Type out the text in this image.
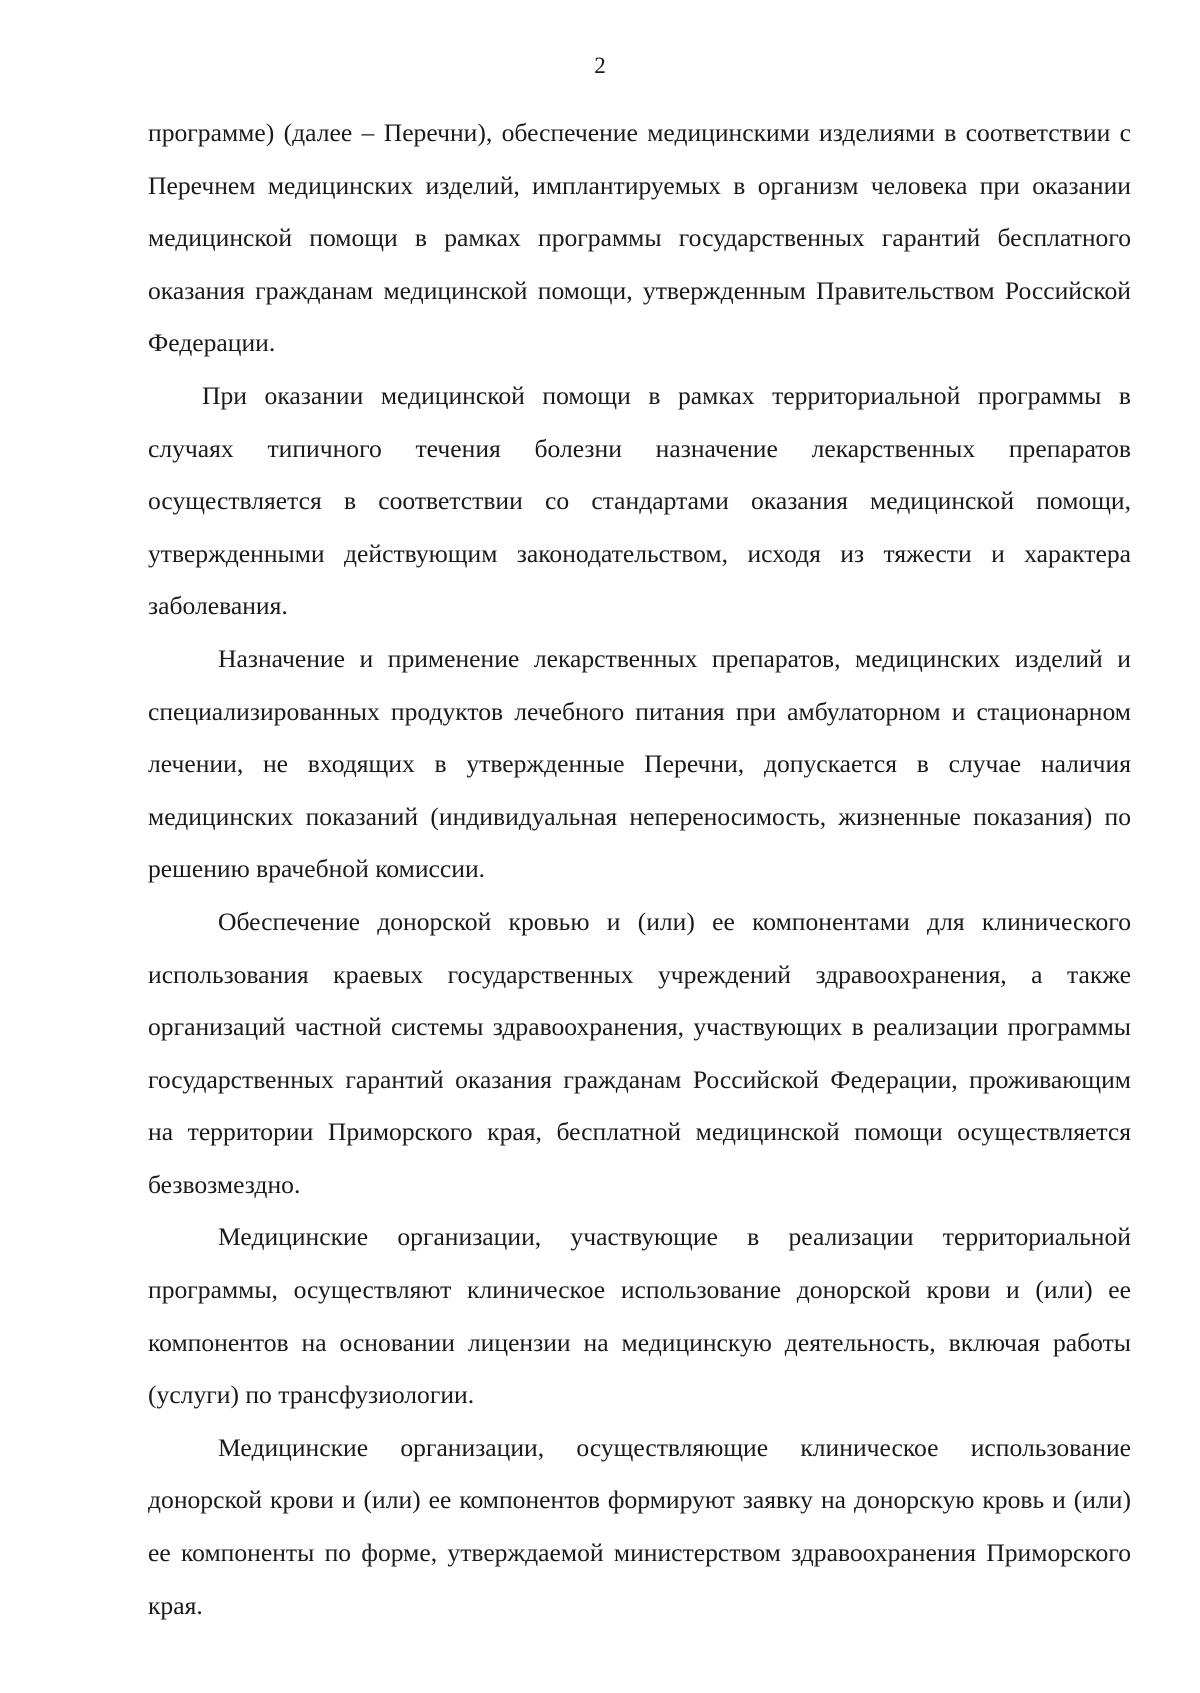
2

программе) (далее – Перечни), обеспечение медицинскими изделиями в соответствии с Перечнем медицинских изделий, имплантируемых в организм человека при оказании медицинской помощи в рамках программы государственных гарантий бесплатного оказания гражданам медицинской помощи, утвержденным Правительством Российской Федерации.

При оказании медицинской помощи в рамках территориальной программы в случаях типичного течения болезни назначение лекарственных препаратов осуществляется в соответствии со стандартами оказания медицинской помощи, утвержденными действующим законодательством, исходя из тяжести и характера заболевания.

Назначение и применение лекарственных препаратов, медицинских изделий и специализированных продуктов лечебного питания при амбулаторном и стационарном лечении, не входящих в утвержденные Перечни, допускается в случае наличия медицинских показаний (индивидуальная непереносимость, жизненные показания) по решению врачебной комиссии.

Обеспечение донорской кровью и (или) ее компонентами для клинического использования краевых государственных учреждений здравоохранения, а также организаций частной системы здравоохранения, участвующих в реализации программы государственных гарантий оказания гражданам Российской Федерации, проживающим на территории Приморского края, бесплатной медицинской помощи осуществляется безвозмездно.

Медицинские организации, участвующие в реализации территориальной программы, осуществляют клиническое использование донорской крови и (или) ее компонентов на основании лицензии на медицинскую деятельность, включая работы (услуги) по трансфузиологии.

Медицинские организации, осуществляющие клиническое использование донорской крови и (или) ее компонентов формируют заявку на донорскую кровь и (или) ее компоненты по форме, утверждаемой министерством здравоохранения Приморского края.
